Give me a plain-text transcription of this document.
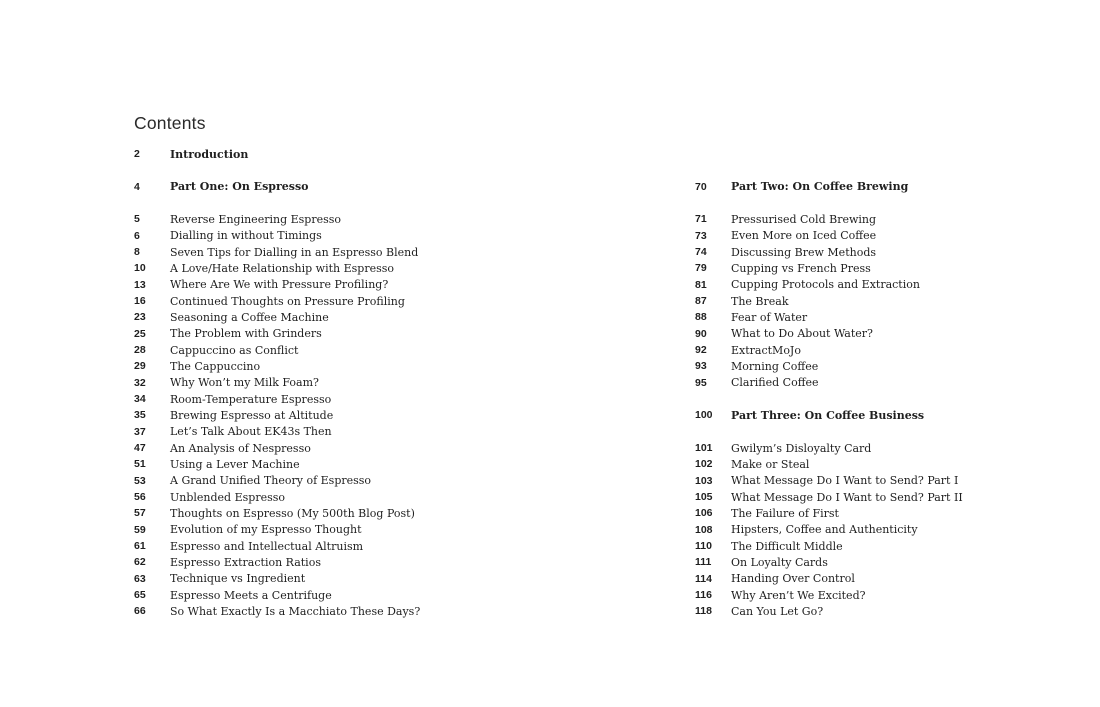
Contents
2	Introduction
4	Part One: On Espresso
5	Reverse Engineering Espresso
6	Dialling in without Timings
8	Seven Tips for Dialling in an Espresso Blend
10	A Love/Hate Relationship with Espresso
13	Where Are We with Pressure Profiling?
16	Continued Thoughts on Pressure Profiling
23	Seasoning a Coffee Machine
25	The Problem with Grinders
28	Cappuccino as Conflict
29	The Cappuccino
32	Why Won’t my Milk Foam?
34	Room-Temperature Espresso
35	Brewing Espresso at Altitude
37	Let’s Talk About EK43s Then
47	An Analysis of Nespresso
51	Using a Lever Machine
53	A Grand Unified Theory of Espresso
56	Unblended Espresso
57	Thoughts on Espresso (My 500th Blog Post)
59	Evolution of my Espresso Thought
61	Espresso and Intellectual Altruism
62	Espresso Extraction Ratios
63	Technique vs Ingredient
65	Espresso Meets a Centrifuge
66	So What Exactly Is a Macchiato These Days?
70	Part Two: On Coffee Brewing
71	Pressurised Cold Brewing
73	Even More on Iced Coffee
74	Discussing Brew Methods
79	Cupping vs French Press
81	Cupping Protocols and Extraction
87	The Break
88	Fear of Water
90	What to Do About Water?
92	ExtractMoJo
93	Morning Coffee
95	Clarified Coffee
100	Part Three: On Coffee Business
101	Gwilym’s Disloyalty Card
102	Make or Steal
103	What Message Do I Want to Send? Part I
105	What Message Do I Want to Send? Part II
106	The Failure of First
108	Hipsters, Coffee and Authenticity
110	The Difficult Middle
111	On Loyalty Cards
114	Handing Over Control
116	Why Aren’t We Excited?
118	Can You Let Go?
